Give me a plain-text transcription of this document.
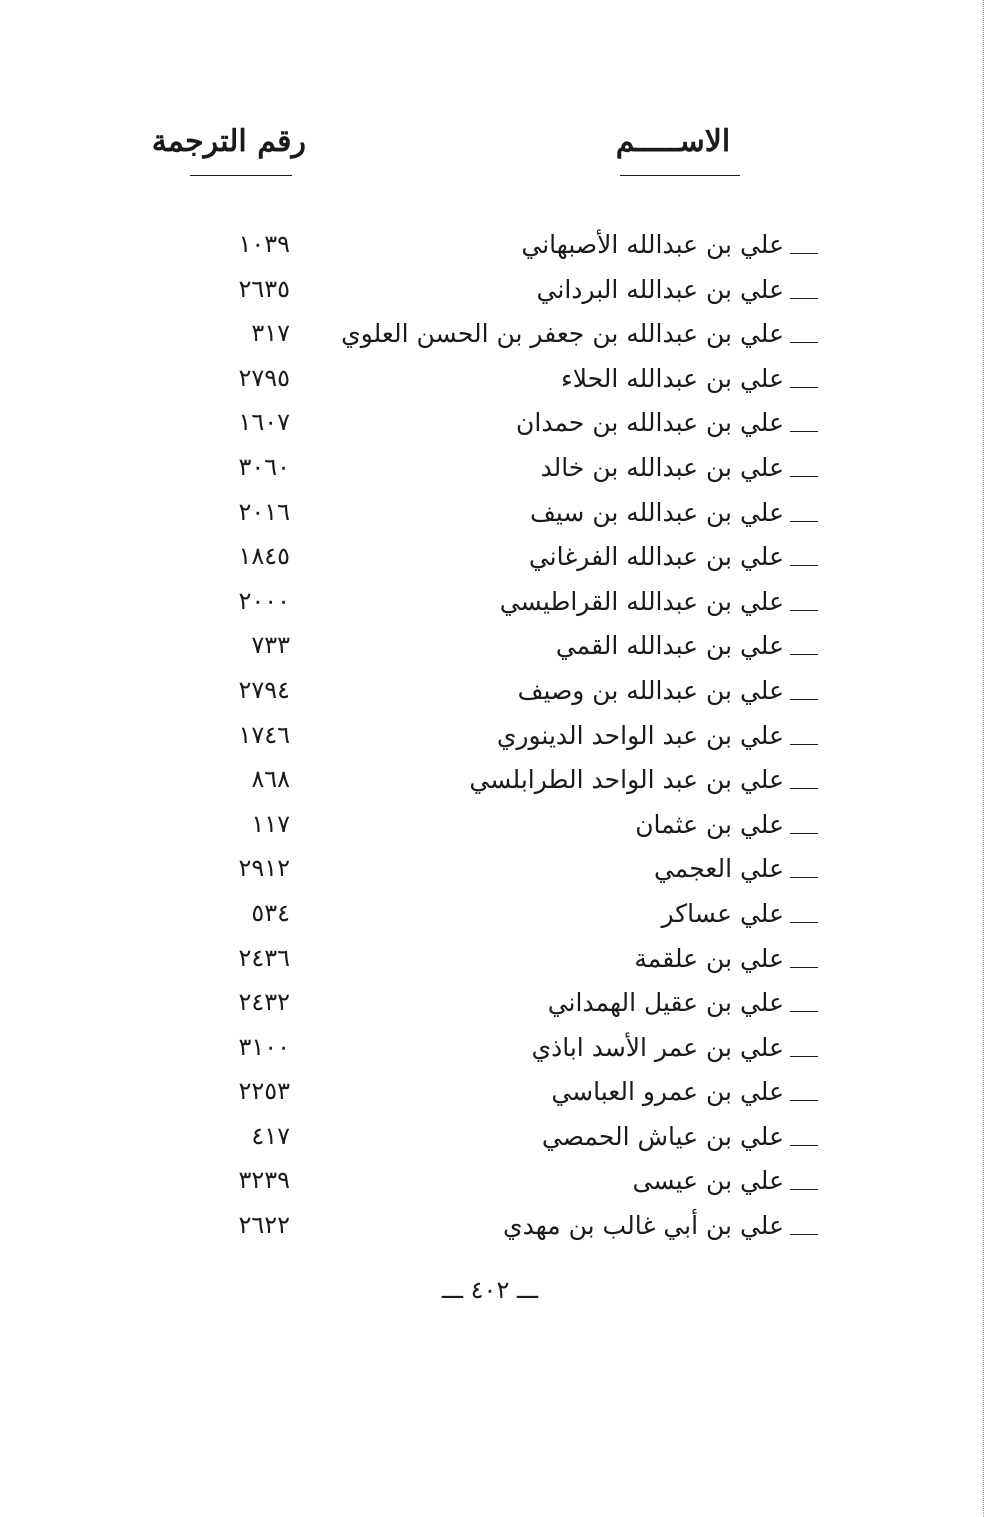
الاســـــم
رقم الترجمة
علي بن عبدالله الأصبهاني
١٠٣٩
علي بن عبدالله البرداني
٢٦٣٥
علي بن عبدالله بن جعفر بن الحسن العلوي
٣١٧
علي بن عبدالله الحلاء
٢٧٩٥
علي بن عبدالله بن حمدان
١٦٠٧
علي بن عبدالله بن خالد
٣٠٦٠
علي بن عبدالله بن سيف
٢٠١٦
علي بن عبدالله الفرغاني
١٨٤٥
علي بن عبدالله القراطيسي
٢٠٠٠
علي بن عبدالله القمي
٧٣٣
علي بن عبدالله بن وصيف
٢٧٩٤
علي بن عبد الواحد الدينوري
١٧٤٦
علي بن عبد الواحد الطرابلسي
٨٦٨
علي بن عثمان
١١٧
علي العجمي
٢٩١٢
علي عساكر
٥٣٤
علي بن علقمة
٢٤٣٦
علي بن عقيل الهمداني
٢٤٣٢
علي بن عمر الأسد اباذي
٣١٠٠
علي بن عمرو العباسي
٢٢٥٣
علي بن عياش الحمصي
٤١٧
علي بن عيسى
٣٢٣٩
علي بن أبي غالب بن مهدي
٢٦٢٢
ـــ ٤٠٢ ـــ
